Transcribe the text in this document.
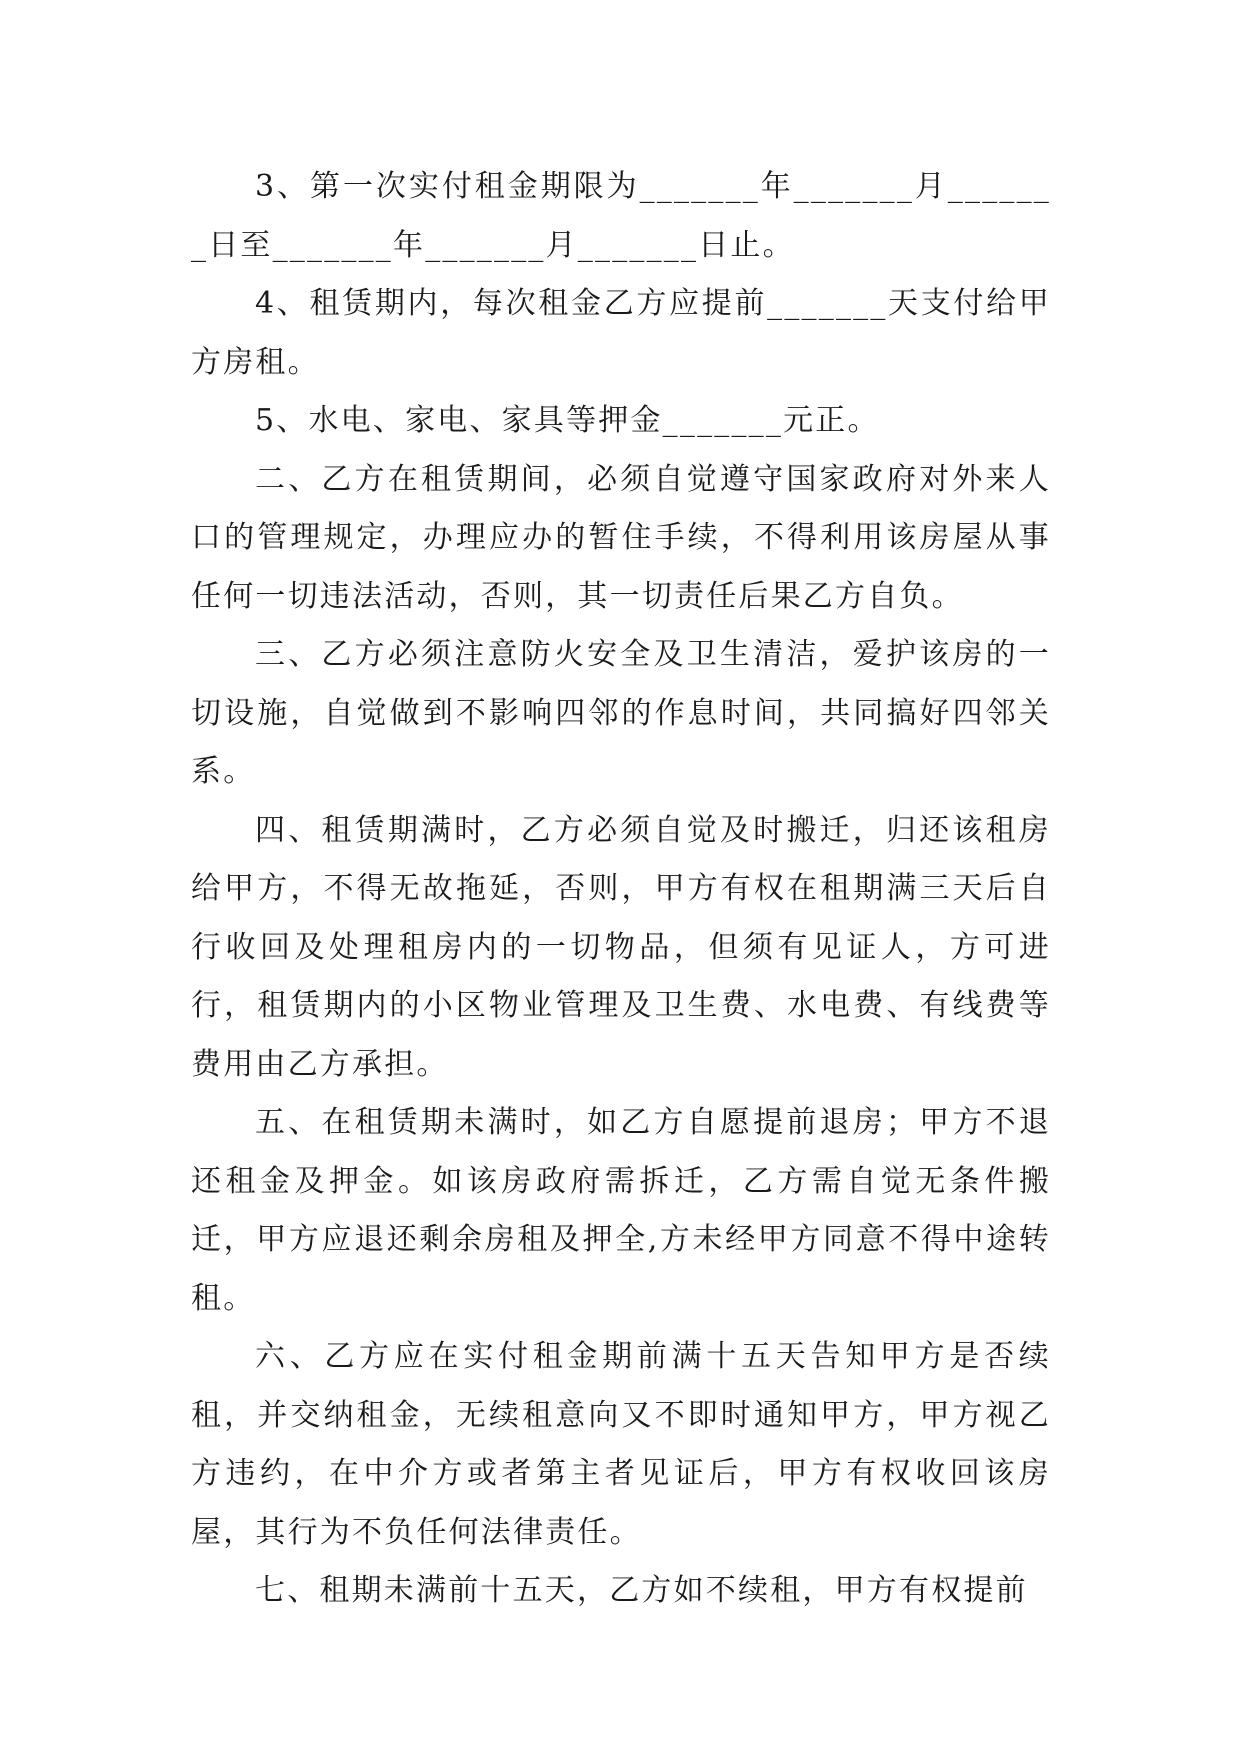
3、第一次实付租金期限为_______年_______月_______日至_______年_______月_______日止。

4、租赁期内，每次租金乙方应提前_______天支付给甲方房租。

5、水电、家电、家具等押金_______元正。

二、乙方在租赁期间，必须自觉遵守国家政府对外来人口的管理规定，办理应办的暂住手续，不得利用该房屋从事任何一切违法活动，否则，其一切责任后果乙方自负。

三、乙方必须注意防火安全及卫生清洁，爱护该房的一切设施，自觉做到不影响四邻的作息时间，共同搞好四邻关系。

四、租赁期满时，乙方必须自觉及时搬迁，归还该租房给甲方，不得无故拖延，否则，甲方有权在租期满三天后自行收回及处理租房内的一切物品，但须有见证人，方可进行，租赁期内的小区物业管理及卫生费、水电费、有线费等费用由乙方承担。

五、在租赁期未满时，如乙方自愿提前退房；甲方不退还租金及押金。如该房政府需拆迁，乙方需自觉无条件搬迁，甲方应退还剩余房租及押全,方未经甲方同意不得中途转租。

六、乙方应在实付租金期前满十五天告知甲方是否续租，并交纳租金，无续租意向又不即时通知甲方，甲方视乙方违约，在中介方或者第主者见证后，甲方有权收回该房屋，其行为不负任何法律责任。

七、租期未满前十五天，乙方如不续租，甲方有权提前
